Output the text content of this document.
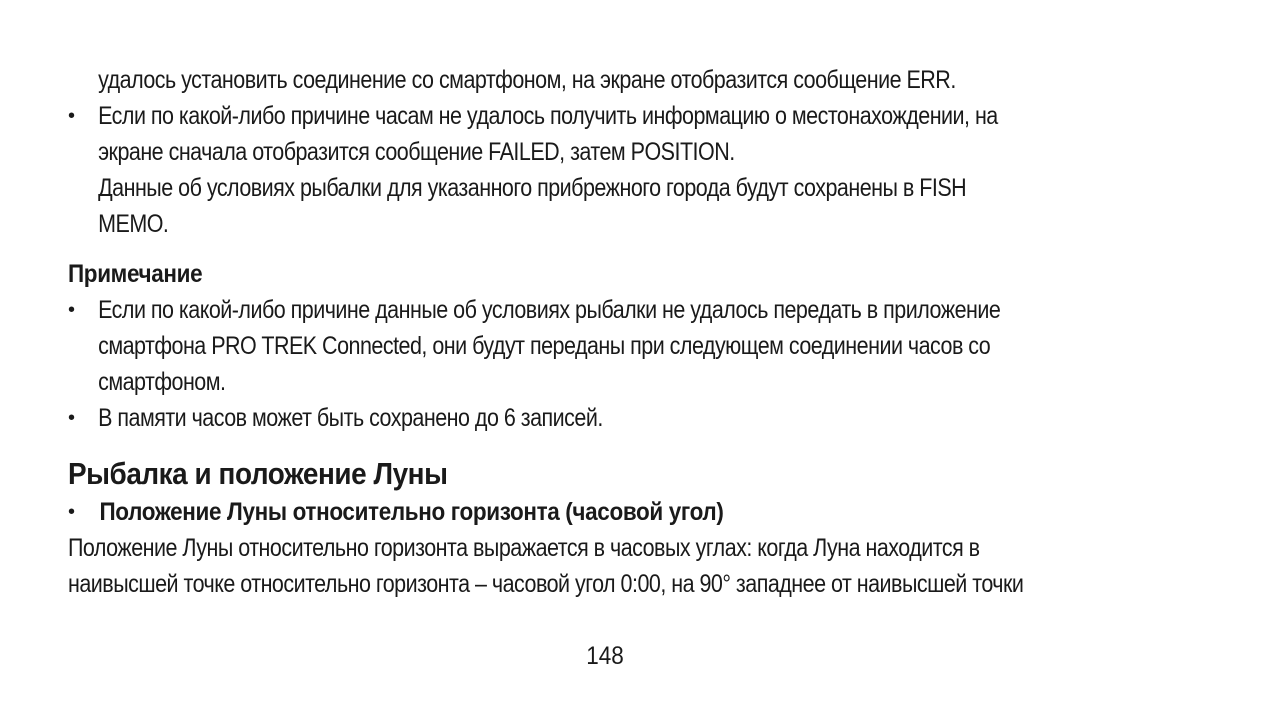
удалось установить соединение со смартфоном, на экране отобразится сообщение ERR.
• Если по какой-либо причине часам не удалось получить информацию о местонахождении, на
экране сначала отобразится сообщение FAILED, затем POSITION.
Данные об условиях рыбалки для указанного прибрежного города будут сохранены в FISH
MEMO.
Примечание
• Если по какой-либо причине данные об условиях рыбалки не удалось передать в приложение
смартфона PRO TREK Connected, они будут переданы при следующем соединении часов со
смартфоном.
• В памяти часов может быть сохранено до 6 записей.
Рыбалка и положение Луны
• Положение Луны относительно горизонта (часовой угол)
Положение Луны относительно горизонта выражается в часовых углах: когда Луна находится в
наивысшей точке относительно горизонта – часовой угол 0:00, на 90° западнее от наивысшей точки
148
